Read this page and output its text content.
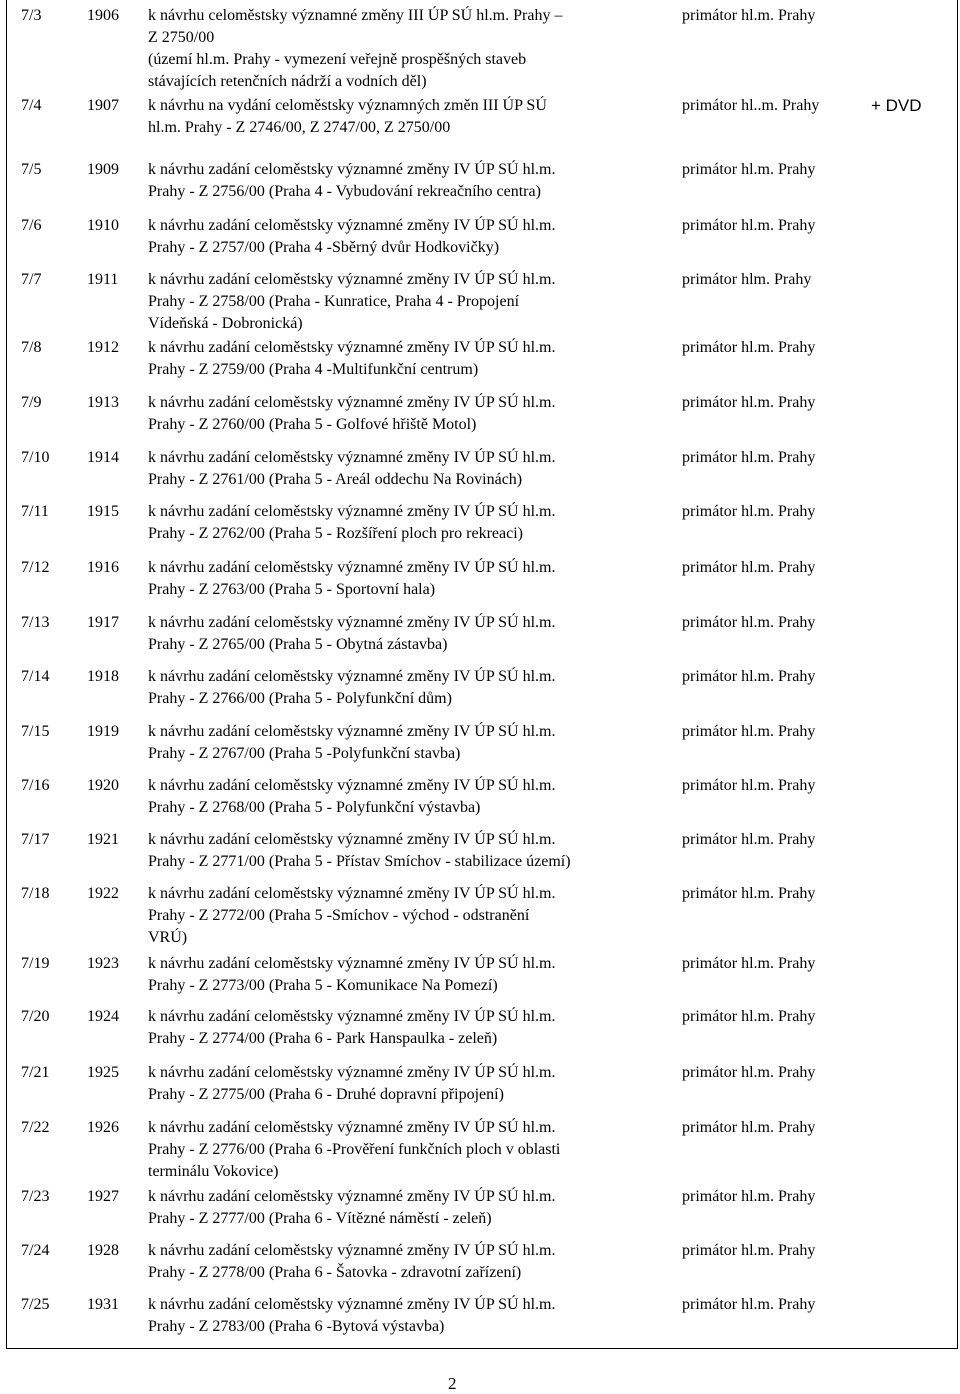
7/3	1906 k návrhu celoměstsky významné změny III ÚP SÚ hl.m. Prahy –
Z 2750/00
(území hl.m. Prahy - vymezení veřejně prospěšných staveb
stávajících retenčních nádrží a vodních děl)
primátor hl.m. Prahy
7/4	1907 k návrhu na vydání celoměstsky významných změn III ÚP SÚ
hl.m. Prahy - Z 2746/00, Z 2747/00, Z 2750/00
primátor hl..m. Prahy	+ DVD
7/5	1909 k návrhu zadání celoměstsky významné změny IV ÚP SÚ hl.m.
Prahy - Z 2756/00 (Praha 4 - Vybudování rekreačního centra)
primátor hl.m. Prahy
7/6	1910 k návrhu zadání celoměstsky významné změny IV ÚP SÚ hl.m.
Prahy - Z 2757/00 (Praha 4 -Sběrný dvůr Hodkovičky)
primátor hl.m. Prahy
7/7	1911 k návrhu zadání celoměstsky významné změny IV ÚP SÚ hl.m.
Prahy - Z 2758/00 (Praha - Kunratice, Praha 4 - Propojení
Vídeňská - Dobronická)
primátor hlm. Prahy
7/8	1912 k návrhu zadání celoměstsky významné změny IV ÚP SÚ hl.m.
Prahy - Z 2759/00 (Praha 4 -Multifunkční centrum)
primátor hl.m. Prahy
7/9	1913 k návrhu zadání celoměstsky významné změny IV ÚP SÚ hl.m.
Prahy - Z 2760/00 (Praha 5 - Golfové hřiště Motol)
primátor hl.m. Prahy
7/10 1914 k návrhu zadání celoměstsky významné změny IV ÚP SÚ hl.m.
Prahy - Z 2761/00 (Praha 5 - Areál oddechu Na Rovinách)
primátor hl.m. Prahy
7/11 1915 k návrhu zadání celoměstsky významné změny IV ÚP SÚ hl.m.
Prahy - Z 2762/00 (Praha 5 - Rozšíření ploch pro rekreaci)
primátor hl.m. Prahy
7/12 1916 k návrhu zadání celoměstsky významné změny IV ÚP SÚ hl.m.
Prahy - Z 2763/00 (Praha 5 - Sportovní hala)
primátor hl.m. Prahy
7/13 1917 k návrhu zadání celoměstsky významné změny IV ÚP SÚ hl.m.
Prahy - Z 2765/00 (Praha 5 - Obytná zástavba)
primátor hl.m. Prahy
7/14 1918 k návrhu zadání celoměstsky významné změny IV ÚP SÚ hl.m.
Prahy - Z 2766/00 (Praha 5 - Polyfunkční dům)
primátor hl.m. Prahy
7/15 1919 k návrhu zadání celoměstsky významné změny IV ÚP SÚ hl.m.
Prahy - Z 2767/00 (Praha 5 -Polyfunkční stavba)
primátor hl.m. Prahy
7/16 1920 k návrhu zadání celoměstsky významné změny IV ÚP SÚ hl.m.
Prahy - Z 2768/00 (Praha 5 - Polyfunkční výstavba)
primátor hl.m. Prahy
7/17 1921 k návrhu zadání celoměstsky významné změny IV ÚP SÚ hl.m.
Prahy - Z 2771/00 (Praha 5 - Přístav Smíchov - stabilizace území)
primátor hl.m. Prahy
7/18 1922 k návrhu zadání celoměstsky významné změny IV ÚP SÚ hl.m.
Prahy - Z 2772/00 (Praha 5 -Smíchov - východ - odstranění
VRÚ)
primátor hl.m. Prahy
7/19 1923 k návrhu zadání celoměstsky významné změny IV ÚP SÚ hl.m.
Prahy - Z 2773/00 (Praha 5 - Komunikace Na Pomezí)
primátor hl.m. Prahy
7/20 1924 k návrhu zadání celoměstsky významné změny IV ÚP SÚ hl.m.
Prahy - Z 2774/00 (Praha 6 - Park Hanspaulka - zeleň)
primátor hl.m. Prahy
7/21 1925 k návrhu zadání celoměstsky významné změny IV ÚP SÚ hl.m.
Prahy - Z 2775/00 (Praha 6 - Druhé dopravní připojení)
primátor hl.m. Prahy
7/22 1926 k návrhu zadání celoměstsky významné změny IV ÚP SÚ hl.m.
Prahy - Z 2776/00 (Praha 6 -Prověření funkčních ploch v oblasti
terminálu Vokovice)
primátor hl.m. Prahy
7/23 1927 k návrhu zadání celoměstsky významné změny IV ÚP SÚ hl.m.
Prahy - Z 2777/00 (Praha 6 - Vítězné náměstí - zeleň)
primátor hl.m. Prahy
7/24 1928 k návrhu zadání celoměstsky významné změny IV ÚP SÚ hl.m.
Prahy - Z 2778/00 (Praha 6 - Šatovka - zdravotní zařízení)
primátor hl.m. Prahy
7/25 1931 k návrhu zadání celoměstsky významné změny IV ÚP SÚ hl.m.
Prahy - Z 2783/00 (Praha 6 -Bytová výstavba)
primátor hl.m. Prahy
2
